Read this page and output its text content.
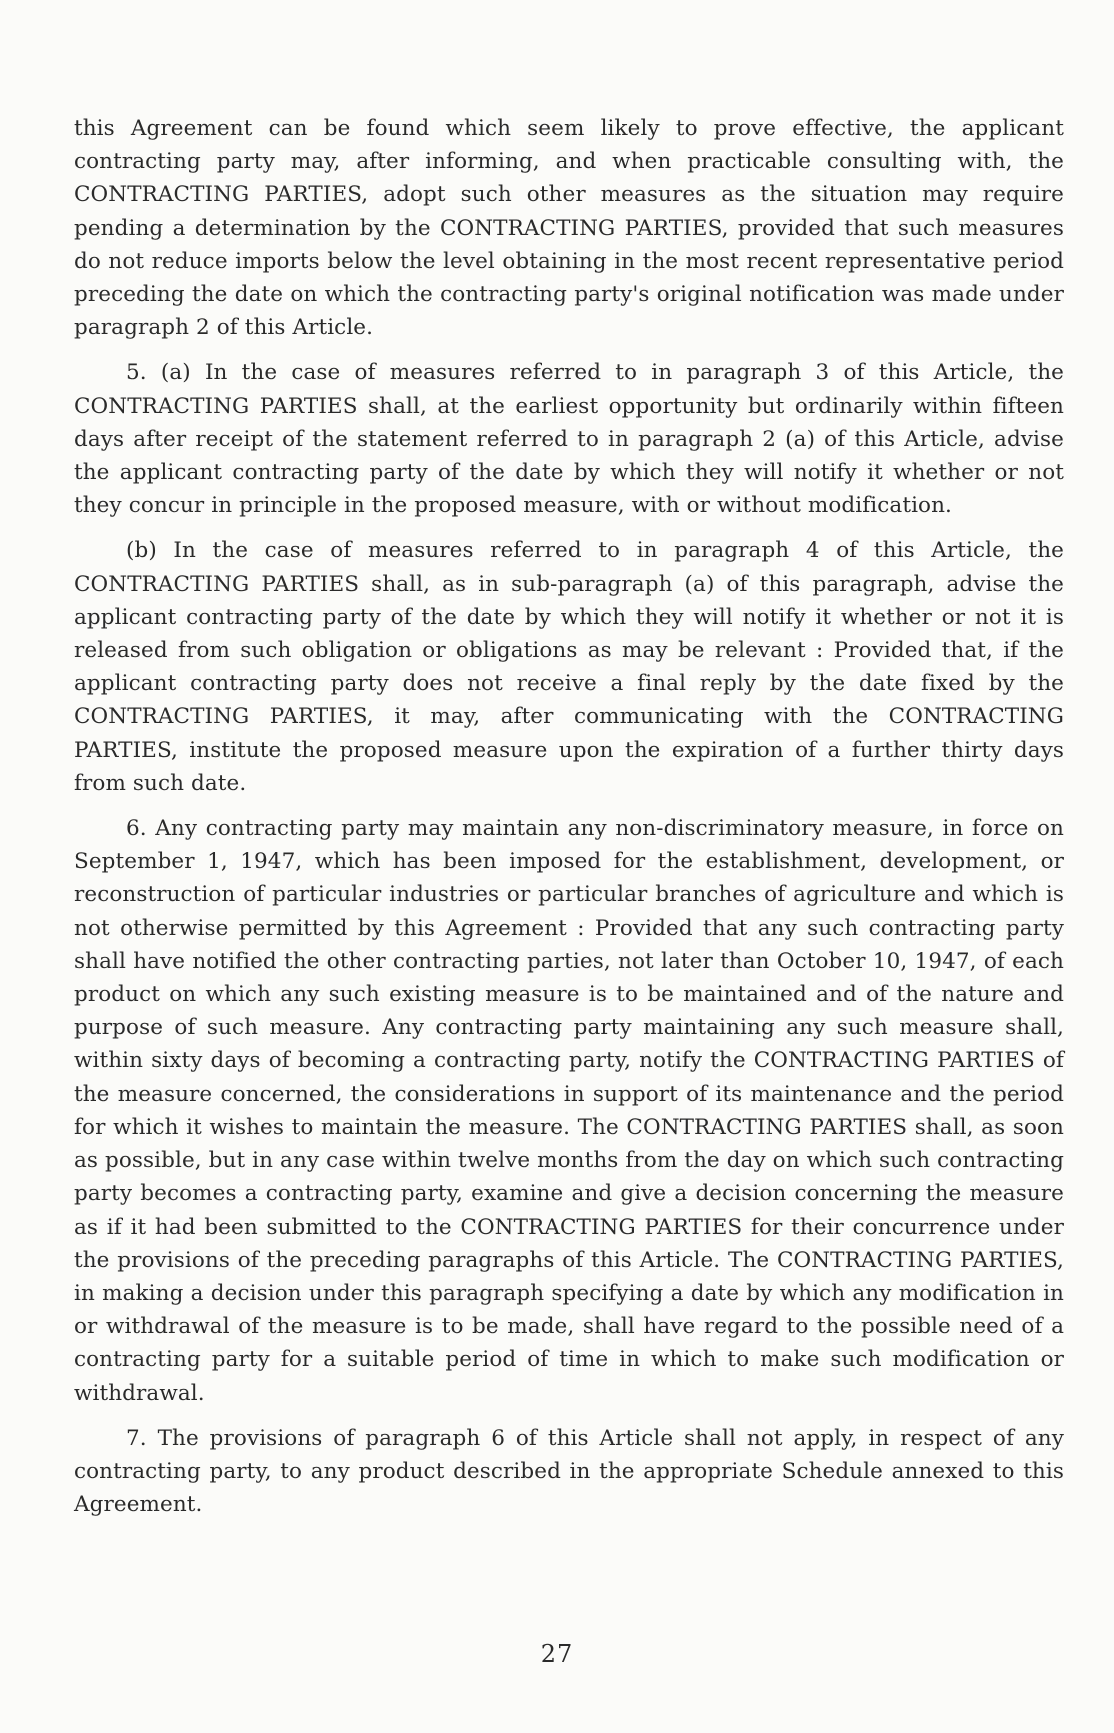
this Agreement can be found which seem likely to prove effective, the applicant contracting party may, after informing, and when practicable consulting with, the CONTRACTING PARTIES, adopt such other measures as the situation may require pending a determination by the CONTRACTING PARTIES, provided that such measures do not reduce imports below the level obtaining in the most recent representative period preceding the date on which the contracting party's original notification was made under paragraph 2 of this Article.

5. (a) In the case of measures referred to in paragraph 3 of this Article, the CONTRACTING PARTIES shall, at the earliest opportunity but ordinarily within fifteen days after receipt of the statement referred to in paragraph 2 (a) of this Article, advise the applicant contracting party of the date by which they will notify it whether or not they concur in principle in the proposed measure, with or without modification.

(b) In the case of measures referred to in paragraph 4 of this Article, the CONTRACTING PARTIES shall, as in sub-paragraph (a) of this paragraph, advise the applicant contracting party of the date by which they will notify it whether or not it is released from such obligation or obligations as may be relevant : Provided that, if the applicant contracting party does not receive a final reply by the date fixed by the CONTRACTING PARTIES, it may, after communicating with the CONTRACTING PARTIES, institute the proposed measure upon the expiration of a further thirty days from such date.

6. Any contracting party may maintain any non-discriminatory measure, in force on September 1, 1947, which has been imposed for the establishment, development, or reconstruction of particular industries or particular branches of agriculture and which is not otherwise permitted by this Agreement : Provided that any such contracting party shall have notified the other contracting parties, not later than October 10, 1947, of each product on which any such existing measure is to be maintained and of the nature and purpose of such measure. Any contracting party maintaining any such measure shall, within sixty days of becoming a contracting party, notify the CONTRACTING PARTIES of the measure concerned, the considerations in support of its maintenance and the period for which it wishes to maintain the measure. The CONTRACTING PARTIES shall, as soon as possible, but in any case within twelve months from the day on which such contracting party becomes a contracting party, examine and give a decision concerning the measure as if it had been submitted to the CONTRACTING PARTIES for their concurrence under the provisions of the preceding paragraphs of this Article. The CONTRACTING PARTIES, in making a decision under this paragraph specifying a date by which any modification in or withdrawal of the measure is to be made, shall have regard to the possible need of a contracting party for a suitable period of time in which to make such modification or withdrawal.

7. The provisions of paragraph 6 of this Article shall not apply, in respect of any contracting party, to any product described in the appropriate Schedule annexed to this Agreement.

27
